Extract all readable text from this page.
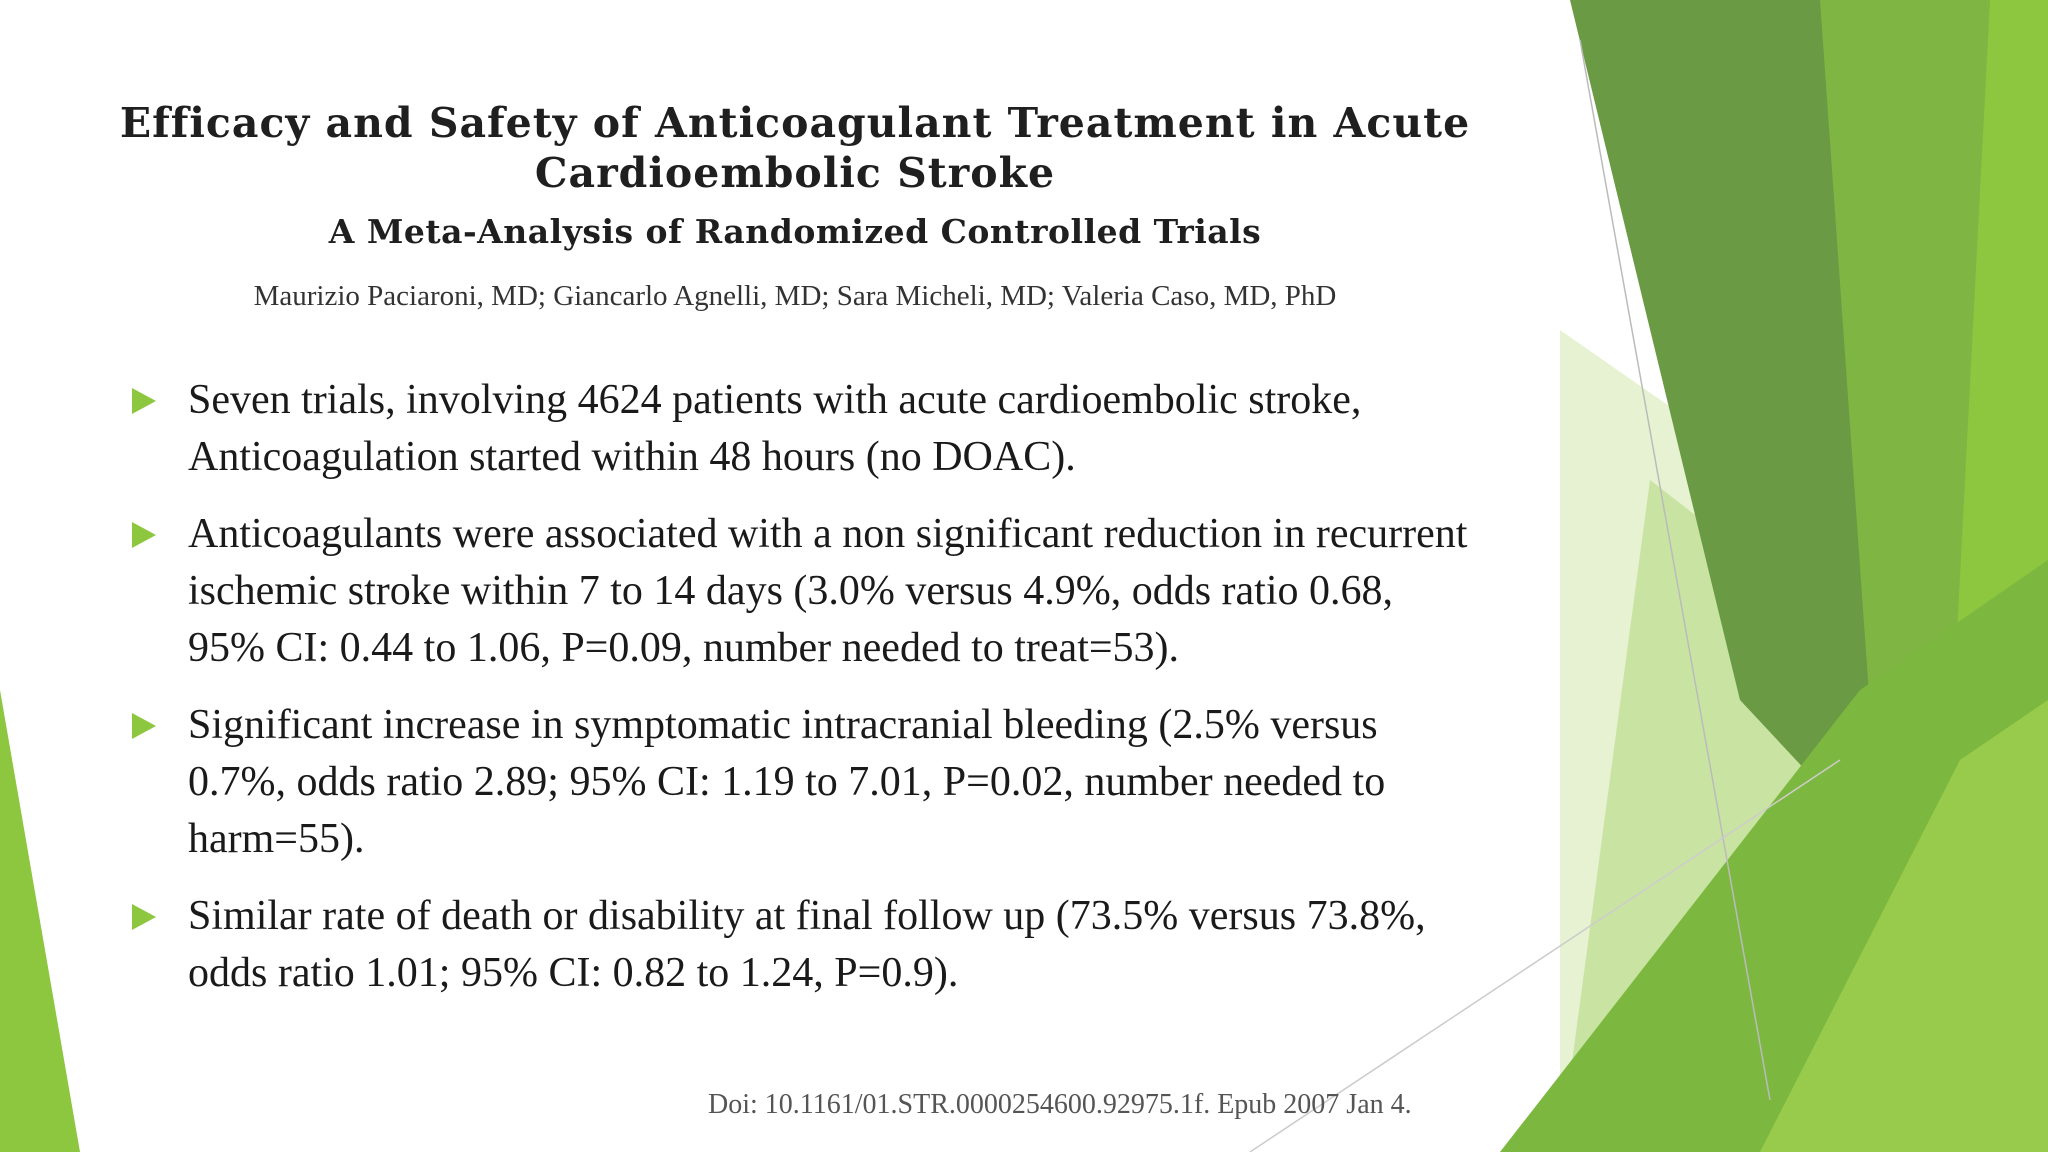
Efficacy and Safety of Anticoagulant Treatment in Acute
Cardioembolic Stroke
A Meta-Analysis of Randomized Controlled Trials
Maurizio Paciaroni, MD; Giancarlo Agnelli, MD; Sara Micheli, MD; Valeria Caso, MD, PhD
Seven trials, involving 4624 patients with acute cardioembolic stroke,
Anticoagulation started within 48 hours (no DOAC).
Anticoagulants were associated with a non significant reduction in recurrent
ischemic stroke within 7 to 14 days (3.0% versus 4.9%, odds ratio 0.68,
95% CI: 0.44 to 1.06, P=0.09, number needed to treat=53).
Significant increase in symptomatic intracranial bleeding (2.5% versus
0.7%, odds ratio 2.89; 95% CI: 1.19 to 7.01, P=0.02, number needed to
harm=55).
Similar rate of death or disability at final follow up (73.5% versus 73.8%,
odds ratio 1.01; 95% CI: 0.82 to 1.24, P=0.9).
Doi: 10.1161/01.STR.0000254600.92975.1f. Epub 2007 Jan 4.
